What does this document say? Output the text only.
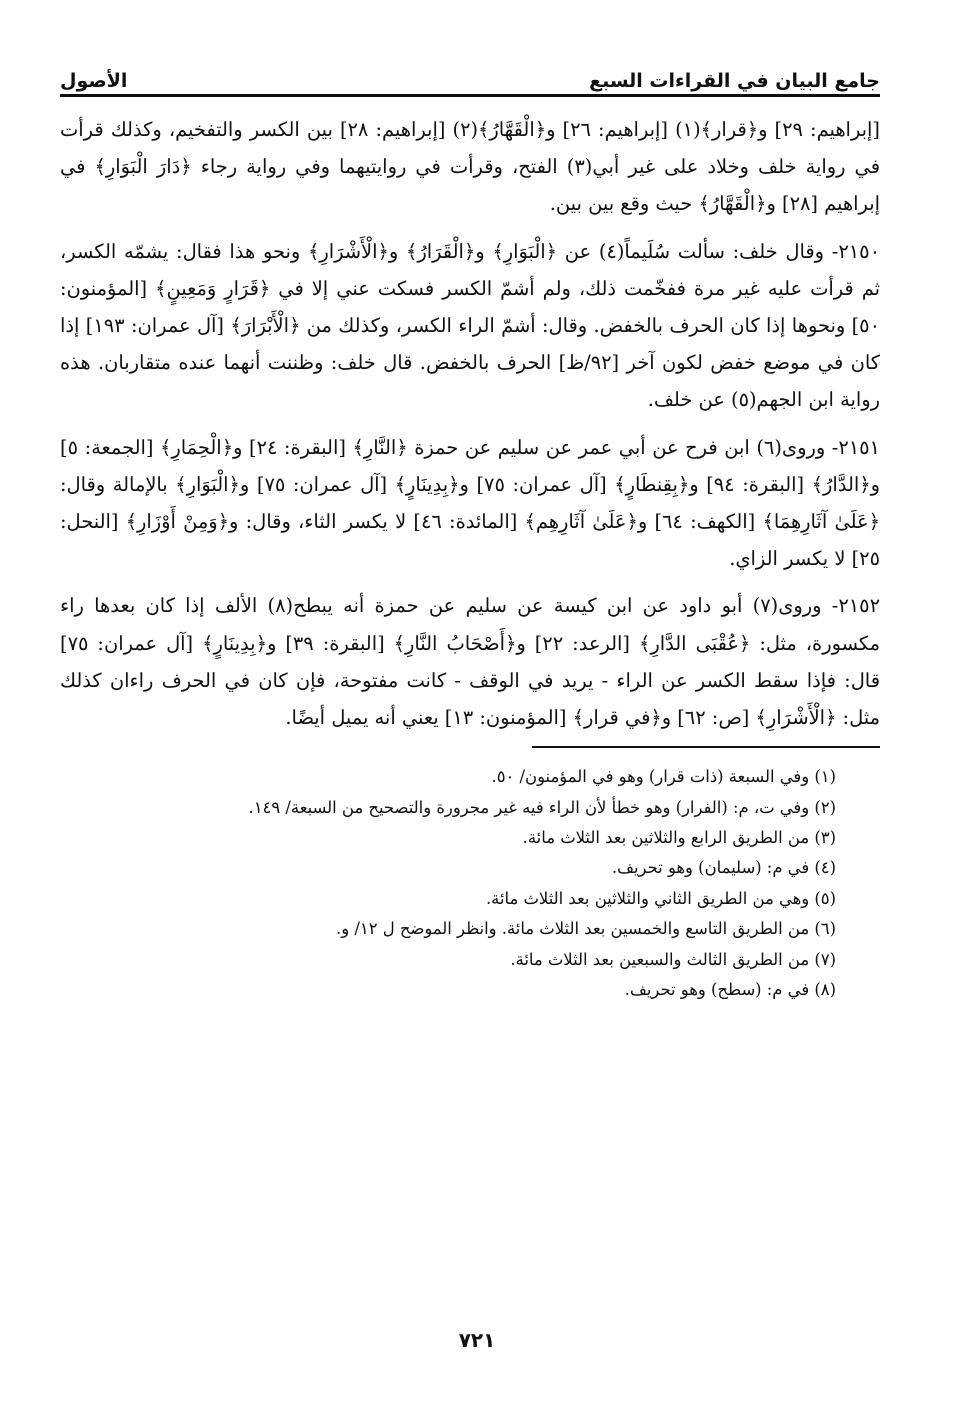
جامع البيان في القراءات السبع
الأصول

[إبراهيم: ٢٩] و﴿قرار﴾(١) [إبراهيم: ٢٦] و﴿الْقَهَّارُ﴾(٢) [إبراهيم: ٢٨] بين الكسر والتفخيم، وكذلك قرأت في رواية خلف وخلاد على غير أبي(٣) الفتح، وقرأت في روايتيهما وفي رواية رجاء ﴿دَارَ الْبَوَارِ﴾ في إبراهيم [٢٨] و﴿الْقَهَّارُ﴾ حيث وقع بين بين.

٢١٥٠- وقال خلف: سألت سُلَيماً(٤) عن ﴿الْبَوَارِ﴾ و﴿الْقَرَارُ﴾ و﴿الْأَشْرَارِ﴾ ونحو هذا فقال: يشمّه الكسر، ثم قرأت عليه غير مرة ففخّمت ذلك، ولم أشمّ الكسر فسكت عني إلا في ﴿قَرَارٍ وَمَعِينٍ﴾ [المؤمنون: ٥٠] ونحوها إذا كان الحرف بالخفض. وقال: أشمّ الراء الكسر، وكذلك من ﴿الْأَبْرَارَ﴾ [آل عمران: ١٩٣] إذا كان في موضع خفض لكون آخر [٩٢/ظ] الحرف بالخفض. قال خلف: وظننت أنهما عنده متقاربان. هذه رواية ابن الجهم(٥) عن خلف.

٢١٥١- وروى(٦) ابن فرح عن أبي عمر عن سليم عن حمزة ﴿النَّارِ﴾ [البقرة: ٢٤] و﴿الْحِمَارِ﴾ [الجمعة: ٥] و﴿الدَّارُ﴾ [البقرة: ٩٤] و﴿بِقِنطَارٍ﴾ [آل عمران: ٧٥] و﴿بِدِينَارٍ﴾ [آل عمران: ٧٥] و﴿الْبَوَارِ﴾ بالإمالة وقال: ﴿عَلَىٰ آثَارِهِمَا﴾ [الكهف: ٦٤] و﴿عَلَىٰ آثَارِهِم﴾ [المائدة: ٤٦] لا يكسر الثاء، وقال: و﴿وَمِنْ أَوْزَارِ﴾ [النحل: ٢٥] لا يكسر الزاي.

٢١٥٢- وروى(٧) أبو داود عن ابن كيسة عن سليم عن حمزة أنه يبطح(٨) الألف إذا كان بعدها راء مكسورة، مثل: ﴿عُقْبَى الدَّارِ﴾ [الرعد: ٢٢] و﴿أَصْحَابُ النَّارِ﴾ [البقرة: ٣٩] و﴿بِدِينَارٍ﴾ [آل عمران: ٧٥] قال: فإذا سقط الكسر عن الراء - يريد في الوقف - كانت مفتوحة، فإن كان في الحرف راءان كذلك مثل: ﴿الْأَشْرَارِ﴾ [ص: ٦٢] و﴿في قرار﴾ [المؤمنون: ١٣] يعني أنه يميل أيضًا.

(١) وفي السبعة (ذات قرار) وهو في المؤمنون/ ٥٠.
(٢) وفي ت، م: (الفرار) وهو خطأ لأن الراء فيه غير مجرورة والتصحيح من السبعة/ ١٤٩.
(٣) من الطريق الرابع والثلاثين بعد الثلاث مائة.
(٤) في م: (سليمان) وهو تحريف.
(٥) وهي من الطريق الثاني والثلاثين بعد الثلاث مائة.
(٦) من الطريق التاسع والخمسين بعد الثلاث مائة. وانظر الموضح ل ١٢/ و.
(٧) من الطريق الثالث والسبعين بعد الثلاث مائة.
(٨) في م: (سطح) وهو تحريف.
٧٢١
